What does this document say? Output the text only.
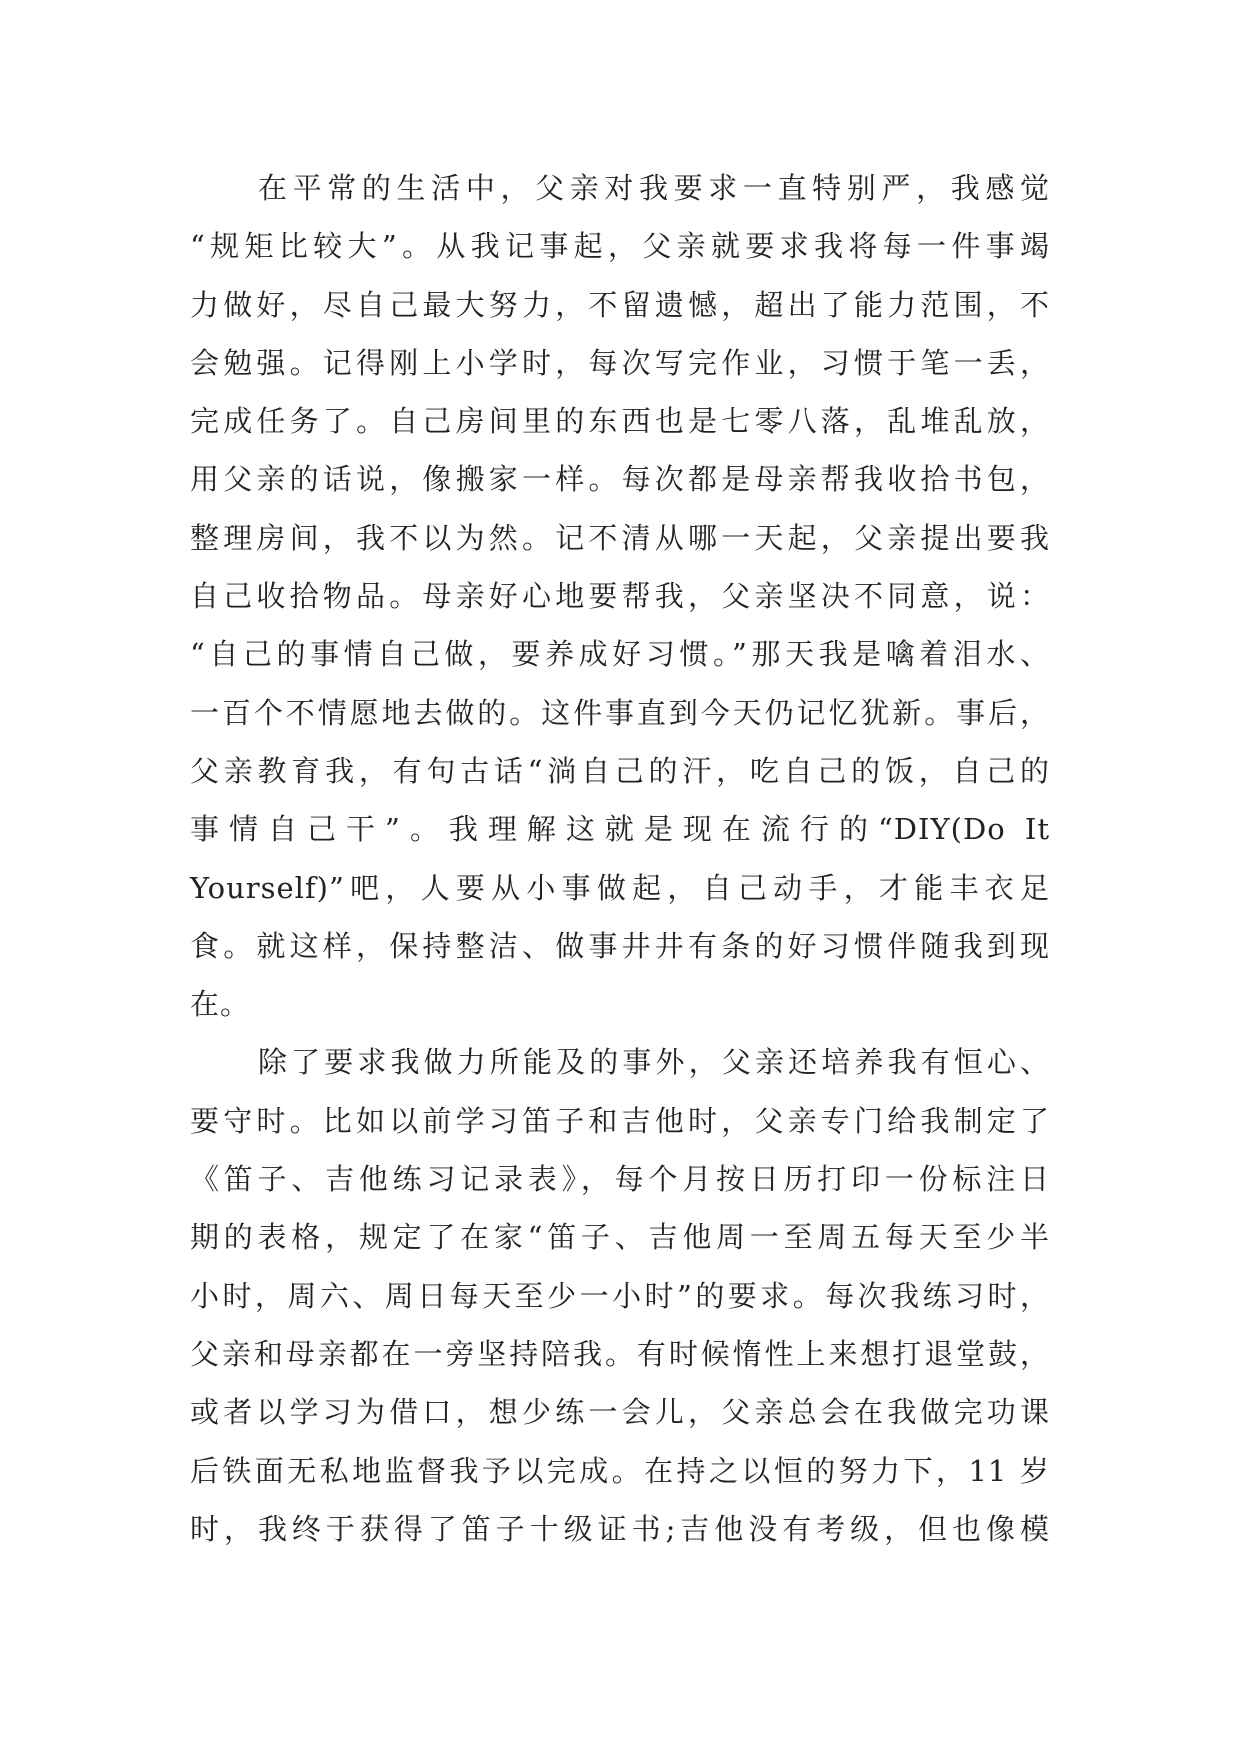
在平常的生活中，父亲对我要求一直特别严，我感觉
“规矩比较大”。从我记事起，父亲就要求我将每一件事竭
力做好，尽自己最大努力，不留遗憾，超出了能力范围，不
会勉强。记得刚上小学时，每次写完作业，习惯于笔一丢，
完成任务了。自己房间里的东西也是七零八落，乱堆乱放，
用父亲的话说，像搬家一样。每次都是母亲帮我收拾书包，
整理房间，我不以为然。记不清从哪一天起，父亲提出要我
自己收拾物品。母亲好心地要帮我，父亲坚决不同意，说：
“自己的事情自己做，要养成好习惯。”那天我是噙着泪水、
一百个不情愿地去做的。这件事直到今天仍记忆犹新。事后，
父亲教育我，有句古话“淌自己的汗，吃自己的饭，自己的
事情自己干”。我理解这就是现在流行的“DIY(Do It
Yourself)”吧，人要从小事做起，自己动手，才能丰衣足
食。就这样，保持整洁、做事井井有条的好习惯伴随我到现
在。
除了要求我做力所能及的事外，父亲还培养我有恒心、
要守时。比如以前学习笛子和吉他时，父亲专门给我制定了
《笛子、吉他练习记录表》，每个月按日历打印一份标注日
期的表格，规定了在家“笛子、吉他周一至周五每天至少半
小时，周六、周日每天至少一小时”的要求。每次我练习时，
父亲和母亲都在一旁坚持陪我。有时候惰性上来想打退堂鼓，
或者以学习为借口，想少练一会儿，父亲总会在我做完功课
后铁面无私地监督我予以完成。在持之以恒的努力下，11 岁
时，我终于获得了笛子十级证书;吉他没有考级，但也像模
